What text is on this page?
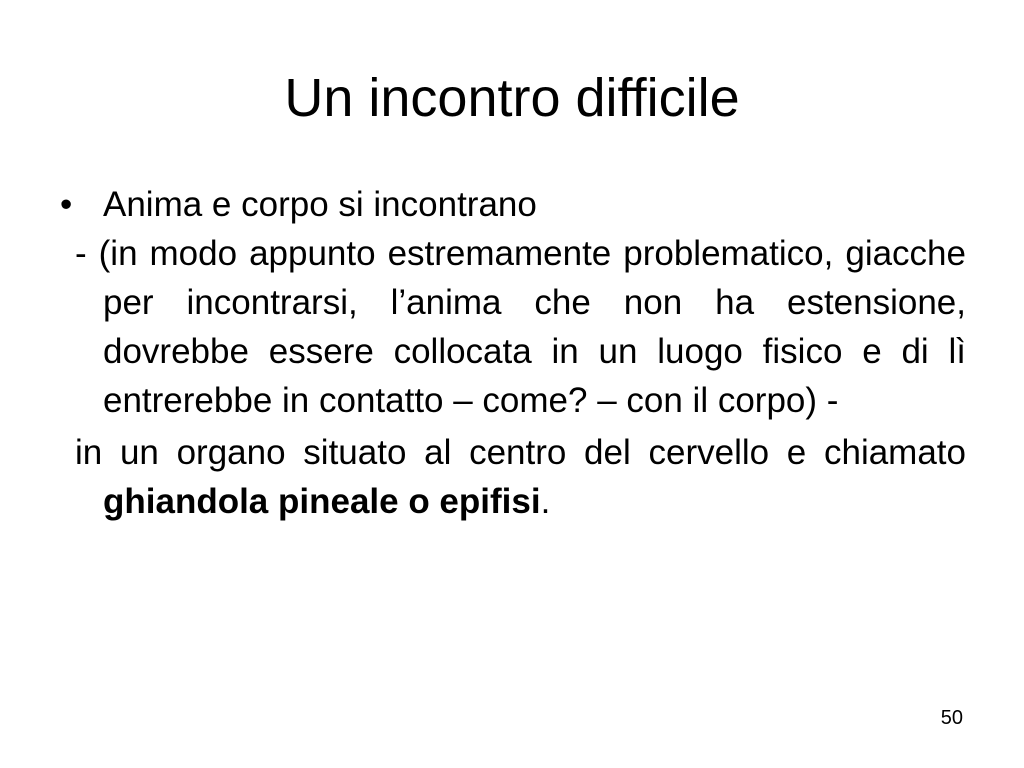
Un incontro difficile
• Anima e corpo si incontrano

- (in modo appunto estremamente problematico, giacche per incontrarsi, l’anima che non ha estensione, dovrebbe essere collocata in un luogo fisico e di lì entrerebbe in contatto – come? – con il corpo) -

in un organo situato al centro del cervello e chiamato ghiandola pineale o epifisi.

50
